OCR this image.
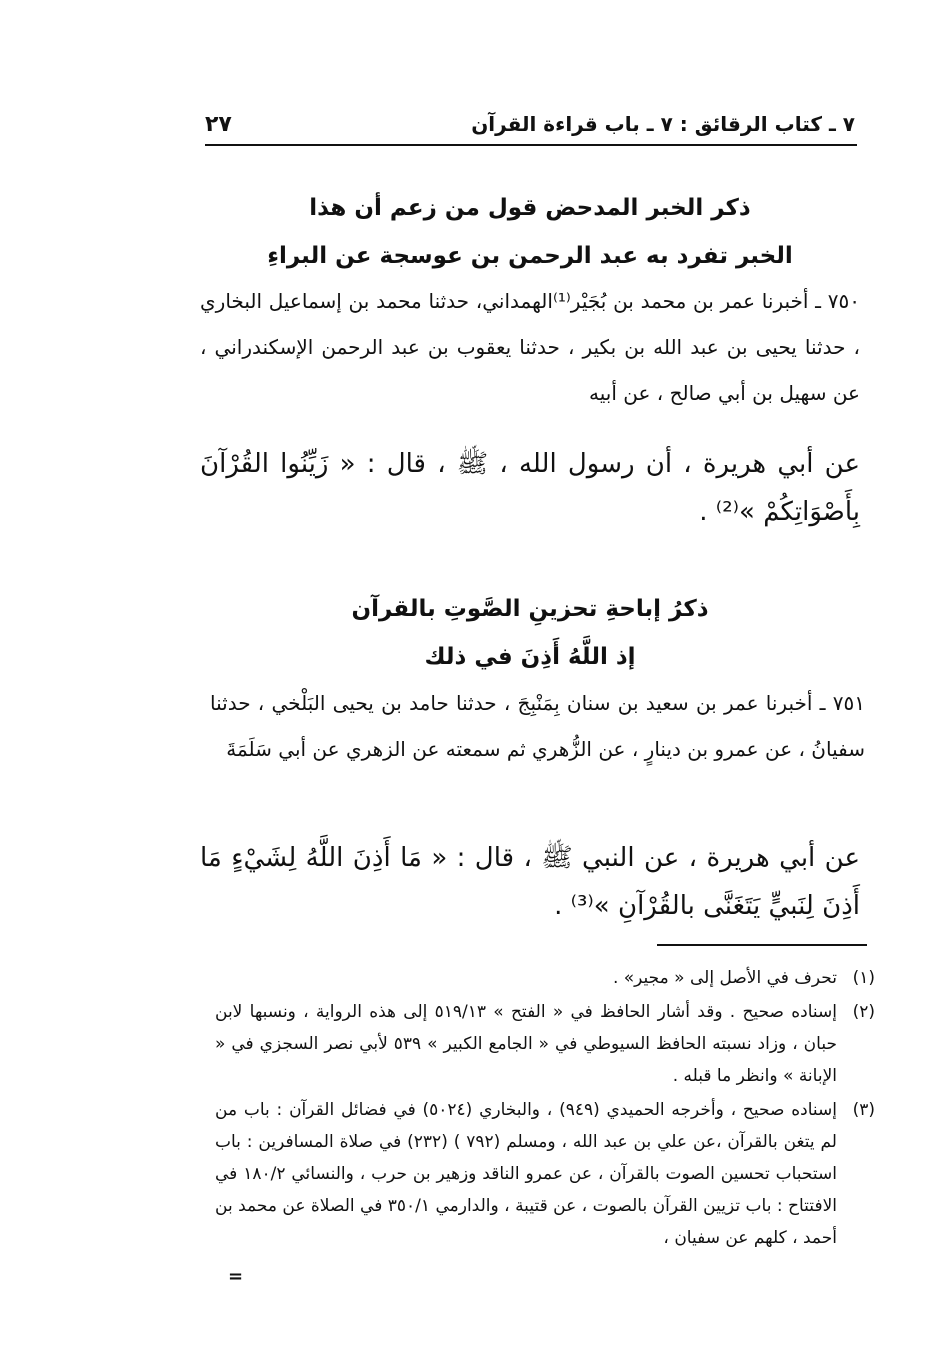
٧ ـ كتاب الرقائق : ٧ ـ باب قراءة القرآن
٢٧
ذكر الخبر المدحض قول من زعم أن هذا
الخبر تفرد به عبد الرحمن بن عوسجة عن البراءِ
٧٥٠ ـ أخبرنا عمر بن محمد بن بُجَيْر⁽¹⁾الهمداني، حدثنا محمد بن إسماعيل البخاري ، حدثنا يحيى بن عبد الله بن بكير ، حدثنا يعقوب بن عبد الرحمن الإسكندراني ، عن سهيل بن أبي صالح ، عن أبيه
عن أبي هريرة ، أن رسول الله ، ﷺ ، قال : « زَيِّنُوا القُرْآنَ بِأَصْوَاتِكُمْ »⁽²⁾ .
ذكرُ إباحةِ تحزينِ الصَّوتِ بالقرآن
إذ اللَّهُ أَذِنَ في ذلك
٧٥١ ـ أخبرنا عمر بن سعيد بن سنان بِمَنْبِجَ ، حدثنا حامد بن يحيى البَلْخي ، حدثنا سفيانُ ، عن عمرو بن دينارٍ ، عن الزُّهري ثم سمعته عن الزهري عن أبي سَلَمَةَ
عن أبي هريرة ، عن النبي ﷺ ، قال : « مَا أَذِنَ اللَّهُ لِشَيْءٍ مَا أَذِنَ لِنَبيٍّ يَتَغَنَّى بالقُرْآنِ »⁽³⁾ .
(١)
تحرف في الأصل إلى « مجير» .
(٢)
إسناده صحيح . وقد أشار الحافظ في « الفتح » ٥١٩/١٣ إلى هذه الرواية ، ونسبها لابن حبان ، وزاد نسبته الحافظ السيوطي في « الجامع الكبير » ٥٣٩ لأبي نصر السجزي في « الإبانة » وانظر ما قبله .
(٣)
إسناده صحيح ، وأخرجه الحميدي (٩٤٩) ، والبخاري (٥٠٢٤) في فضائل القرآن : باب من لم يتغن بالقرآن ،عن علي بن عبد الله ، ومسلم (٧٩٢ ) (٢٣٢) في صلاة المسافرين : باب استحباب تحسين الصوت بالقرآن ، عن عمرو الناقد وزهير بن حرب ، والنسائي ١٨٠/٢ في الافتتاح : باب تزيين القرآن بالصوت ، عن قتيبة ، والدارمي ٣٥٠/١ في الصلاة عن محمد بن أحمد ، كلهم عن سفيان ،
=
